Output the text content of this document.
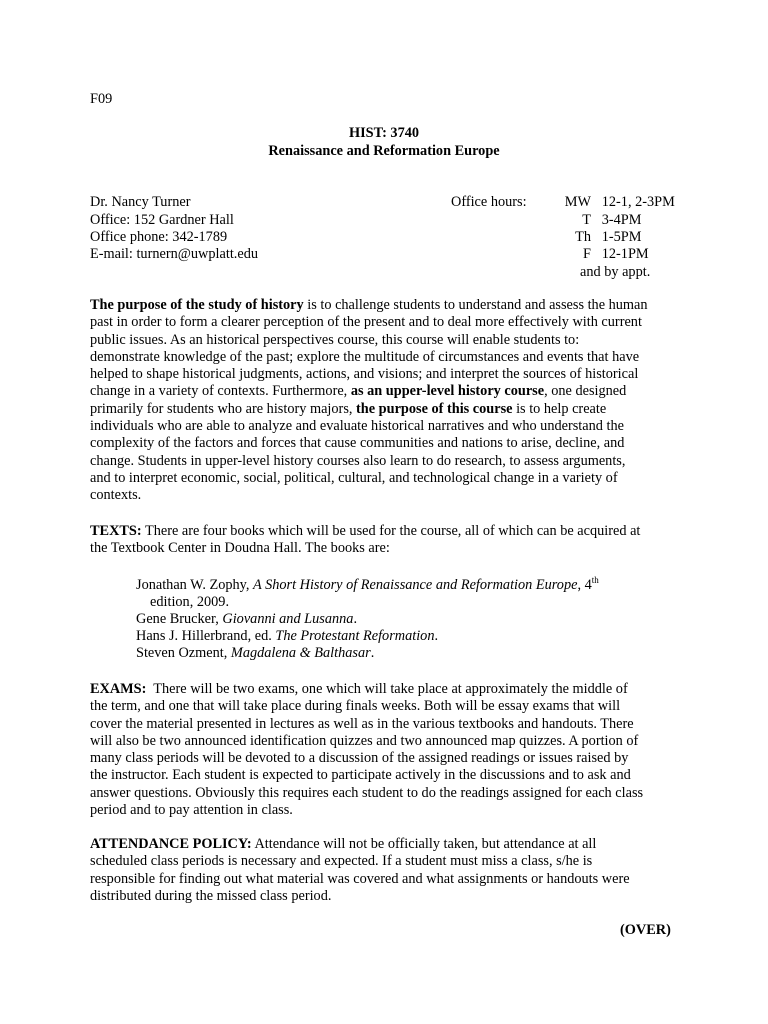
F09
HIST: 3740
Renaissance and Reformation Europe
Dr. Nancy Turner
Office: 152 Gardner Hall
Office phone: 342-1789
E-mail: turnern@uwplatt.edu
Office hours:	MW 12-1, 2-3PM
T 3-4PM
Th 1-5PM
F 12-1PM
and by appt.
The purpose of the study of history is to challenge students to understand and assess the human
past in order to form a clearer perception of the present and to deal more effectively with current
public issues. As an historical perspectives course, this course will enable students to:
demonstrate knowledge of the past; explore the multitude of circumstances and events that have
helped to shape historical judgments, actions, and visions; and interpret the sources of historical
change in a variety of contexts. Furthermore, as an upper-level history course, one designed
primarily for students who are history majors, the purpose of this course is to help create
individuals who are able to analyze and evaluate historical narratives and who understand the
complexity of the factors and forces that cause communities and nations to arise, decline, and
change. Students in upper-level history courses also learn to do research, to assess arguments,
and to interpret economic, social, political, cultural, and technological change in a variety of
contexts.
TEXTS: There are four books which will be used for the course, all of which can be acquired at
the Textbook Center in Doudna Hall. The books are:
Jonathan W. Zophy, A Short History of Renaissance and Reformation Europe, 4th
edition, 2009.
Gene Brucker, Giovanni and Lusanna.
Hans J. Hillerbrand, ed. The Protestant Reformation.
Steven Ozment, Magdalena & Balthasar.
EXAMS:  There will be two exams, one which will take place at approximately the middle of
the term, and one that will take place during finals weeks. Both will be essay exams that will
cover the material presented in lectures as well as in the various textbooks and handouts. There
will also be two announced identification quizzes and two announced map quizzes. A portion of
many class periods will be devoted to a discussion of the assigned readings or issues raised by
the instructor. Each student is expected to participate actively in the discussions and to ask and
answer questions. Obviously this requires each student to do the readings assigned for each class
period and to pay attention in class.
ATTENDANCE POLICY: Attendance will not be officially taken, but attendance at all
scheduled class periods is necessary and expected. If a student must miss a class, s/he is
responsible for finding out what material was covered and what assignments or handouts were
distributed during the missed class period.
(OVER)
